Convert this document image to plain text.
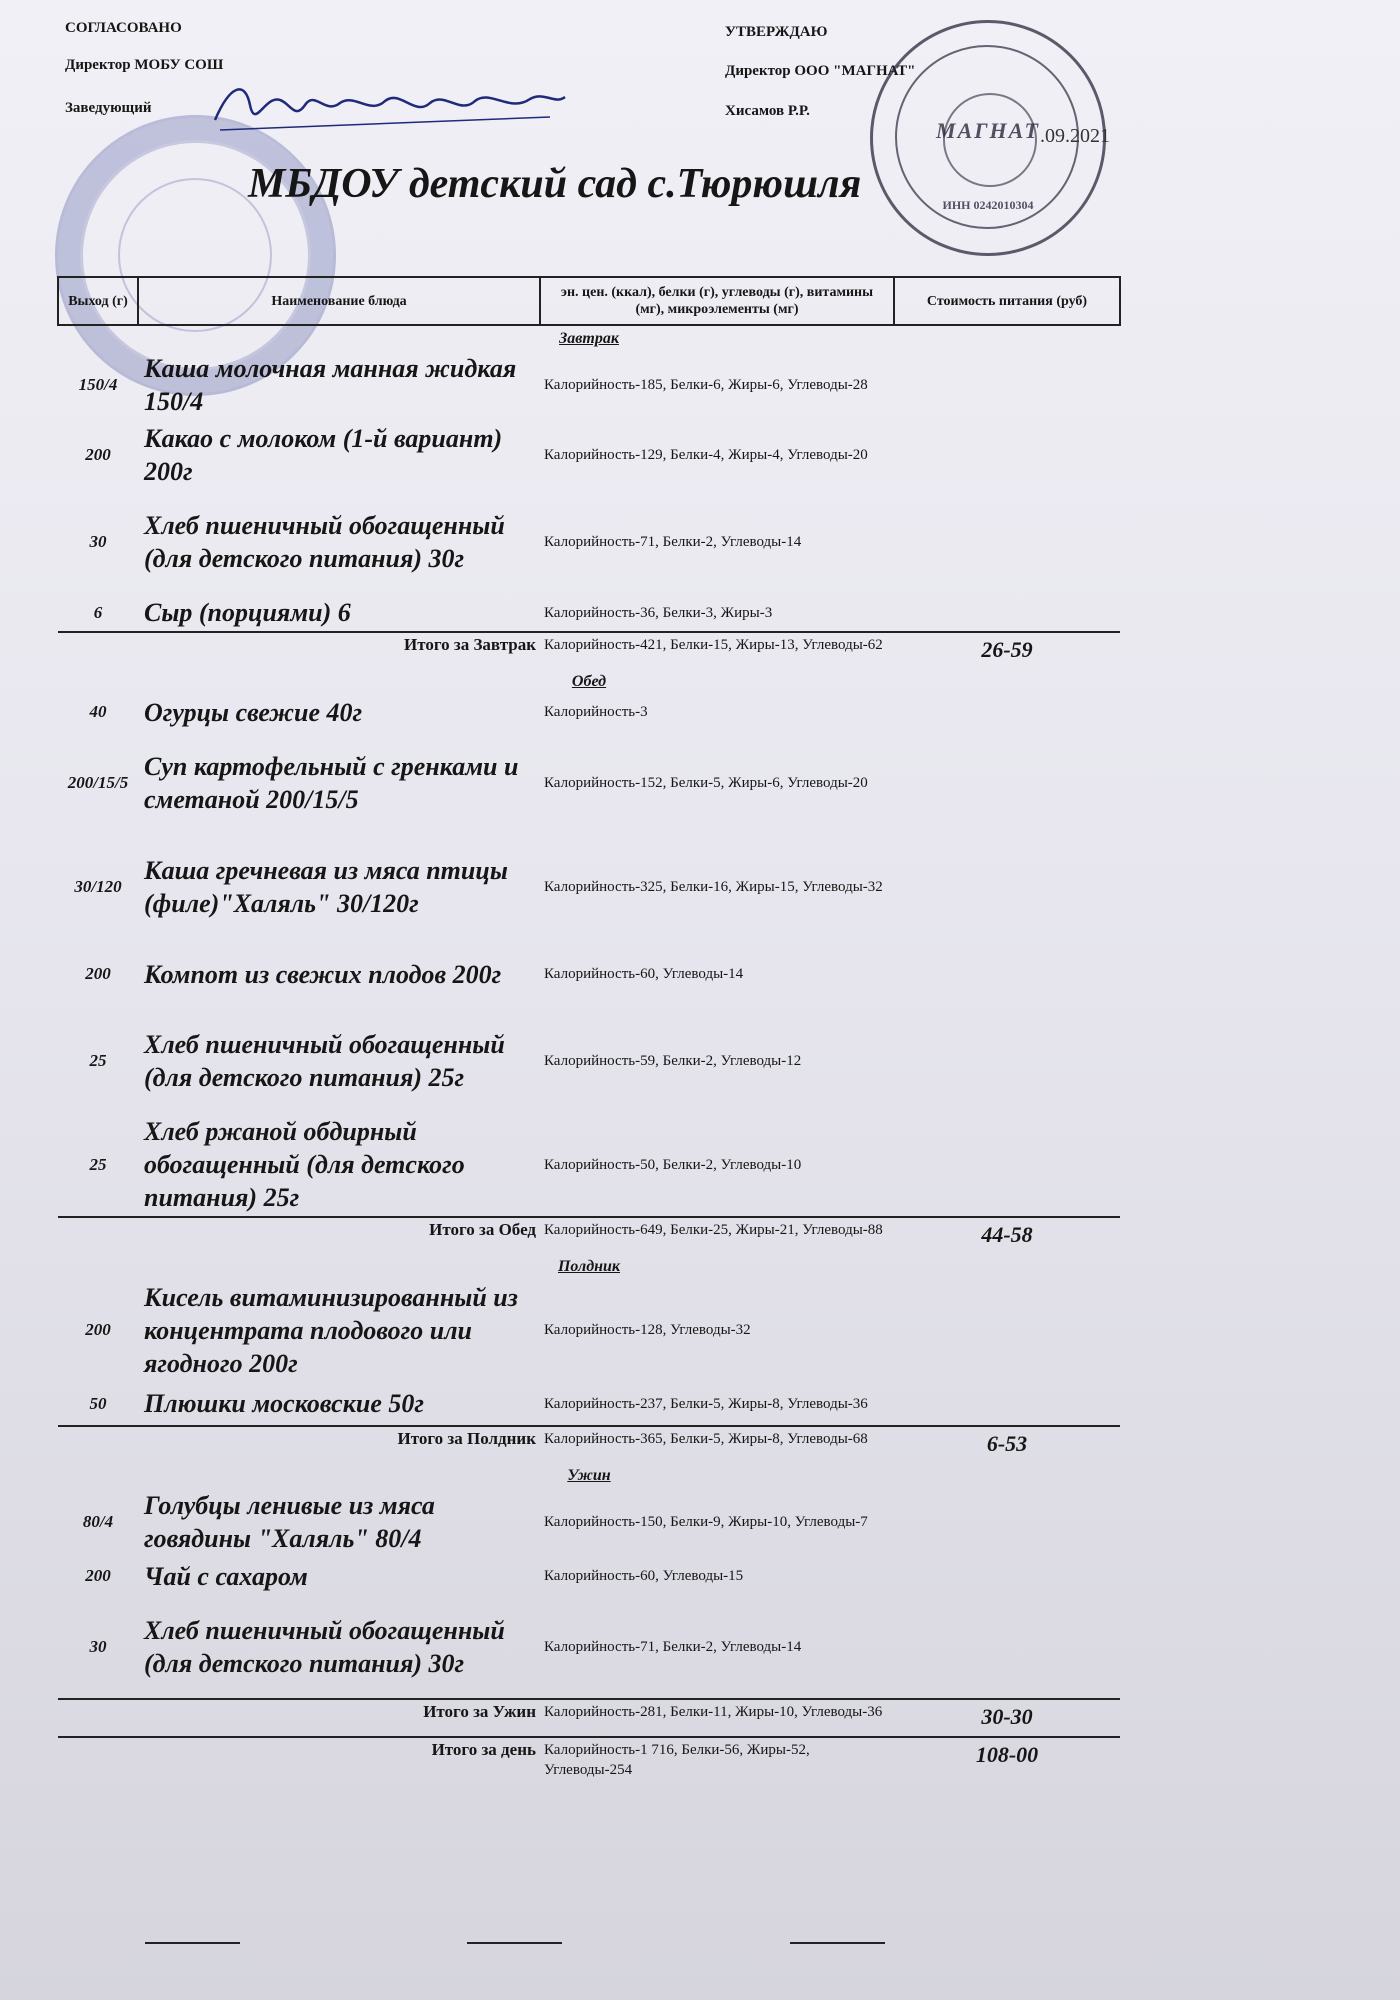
СОГЛАСОВАНО
Директор МОБУ СОШ
Заведующий
УТВЕРЖДАЮ
Директор ООО "МАГНАТ"
Хисамов Р.Р.
МАГНАТ
ИНН 0242010304
.09.2021
МБДОУ детский сад с.Тюрюшля
Выход (г)	Наименование блюда	эн. цен. (ккал), белки (г), углеводы (г), витамины (мг), микроэлементы (мг)	Стоимость питания (руб)
Завтрак			
150/4	Каша молочная манная жидкая 150/4	Калорийность-185, Белки-6, Жиры-6, Углеводы-28	
200	Какао с молоком (1-й вариант) 200г	Калорийность-129, Белки-4, Жиры-4, Углеводы-20	
30	Хлеб пшеничный обогащенный (для детского питания) 30г	Калорийность-71, Белки-2, Углеводы-14	
6	Сыр (порциями) 6	Калорийность-36, Белки-3, Жиры-3	
Итого за Завтрак		Калорийность-421, Белки-15, Жиры-13, Углеводы-62	26-59
Обед			
40	Огурцы свежие 40г	Калорийность-3	
200/15/5	Суп картофельный с гренками и сметаной 200/15/5	Калорийность-152, Белки-5, Жиры-6, Углеводы-20	
30/120	Каша гречневая из мяса птицы (филе)"Халяль" 30/120г	Калорийность-325, Белки-16, Жиры-15, Углеводы-32	
200	Компот из свежих плодов 200г	Калорийность-60, Углеводы-14	
25	Хлеб пшеничный обогащенный (для детского питания) 25г	Калорийность-59, Белки-2, Углеводы-12	
25	Хлеб ржаной обдирный обогащенный (для детского питания) 25г	Калорийность-50, Белки-2, Углеводы-10	
Итого за Обед		Калорийность-649, Белки-25, Жиры-21, Углеводы-88	44-58
Полдник			
200	Кисель витаминизированный из концентрата плодового или ягодного 200г	Калорийность-128, Углеводы-32	
50	Плюшки московские 50г	Калорийность-237, Белки-5, Жиры-8, Углеводы-36	
Итого за Полдник		Калорийность-365, Белки-5, Жиры-8, Углеводы-68	6-53
Ужин			
80/4	Голубцы ленивые из мяса говядины "Халяль" 80/4	Калорийность-150, Белки-9, Жиры-10, Углеводы-7	
200	Чай с сахаром	Калорийность-60, Углеводы-15	
30	Хлеб пшеничный обогащенный (для детского питания) 30г	Калорийность-71, Белки-2, Углеводы-14	
Итого за Ужин		Калорийность-281, Белки-11, Жиры-10, Углеводы-36	30-30
Итого за день		Калорийность-1 716, Белки-56, Жиры-52, Углеводы-254	108-00
